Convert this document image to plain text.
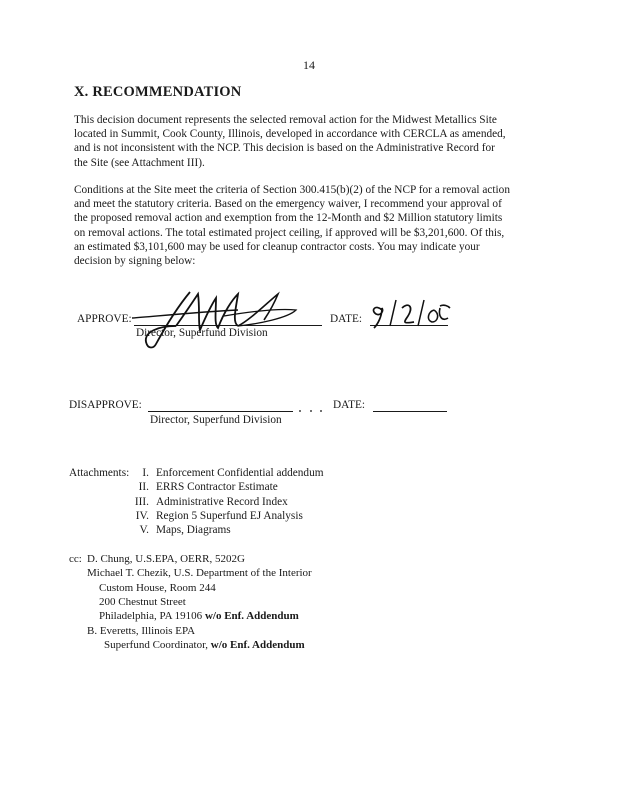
14
X. RECOMMENDATION
This decision document represents the selected removal action for the Midwest Metallics Site
located in Summit, Cook County, Illinois, developed in accordance with CERCLA as amended,
and is not inconsistent with the NCP. This decision is based on the Administrative Record for
the Site (see Attachment III).
Conditions at the Site meet the criteria of Section 300.415(b)(2) of the NCP for a removal action
and meet the statutory criteria. Based on the emergency waiver, I recommend your approval of
the proposed removal action and exemption from the 12-Month and $2 Million statutory limits
on removal actions. The total estimated project ceiling, if approved will be $3,201,600. Of this,
an estimated $3,101,600 may be used for cleanup contractor costs. You may indicate your
decision by signing below:
APPROVE:
Director, Superfund Division
DATE:
DISAPPROVE:
Director, Superfund Division
DATE:
Attachments:	I. Enforcement Confidential addendum
II. ERRS Contractor Estimate
III. Administrative Record Index
IV. Region 5 Superfund EJ Analysis
V. Maps, Diagrams
cc: D. Chung, U.S.EPA, OERR, 5202G
Michael T. Chezik, U.S. Department of the Interior
Custom House, Room 244
200 Chestnut Street
Philadelphia, PA 19106 w/o Enf. Addendum
B. Everetts, Illinois EPA
Superfund Coordinator, w/o Enf. Addendum
